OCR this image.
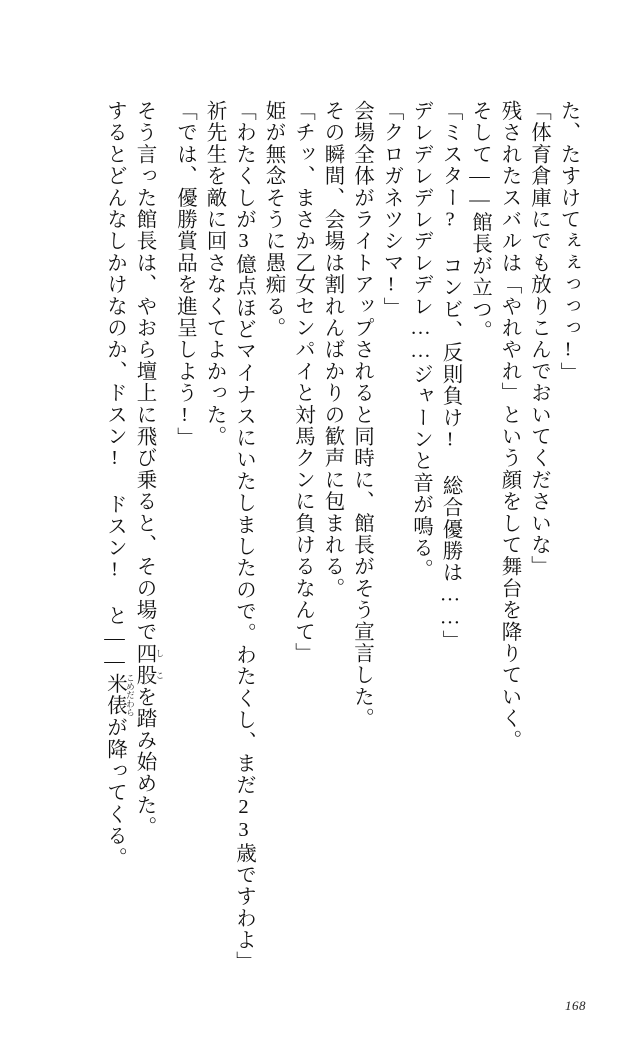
た、たすけてぇぇっっっ!」
「体育倉庫にでも放りこんでおいてくださいな」
残されたスバルは「やれやれ」という顔をして舞台を降りていく。
そして——館長が立つ。
「ミスター? コンビ、反則負け! 総合優勝は……」
デレデレデレデレデレ……ジャーンと音が鳴る。
「クロガネツシマ!」
会場全体がライトアップされると同時に、館長がそう宣言した。
その瞬間、会場は割れんばかりの歓声に包まれる。
「チッ、まさか乙女センパイと対馬クンに負けるなんて」
姫が無念そうに愚痴る。
「わたくしが3億点ほどマイナスにいたしましたので。わたくし、まだ23歳ですわよ」
祈先生を敵に回さなくてよかった。
「では、優勝賞品を進呈しよう!」
そう言った館長は、やおら壇上に飛び乗ると、その場で四股 しこを踏み始めた。
するとどんなしかけなのか、ドスン! ドスン! と——米俵 こめだわらが降ってくる。
168
